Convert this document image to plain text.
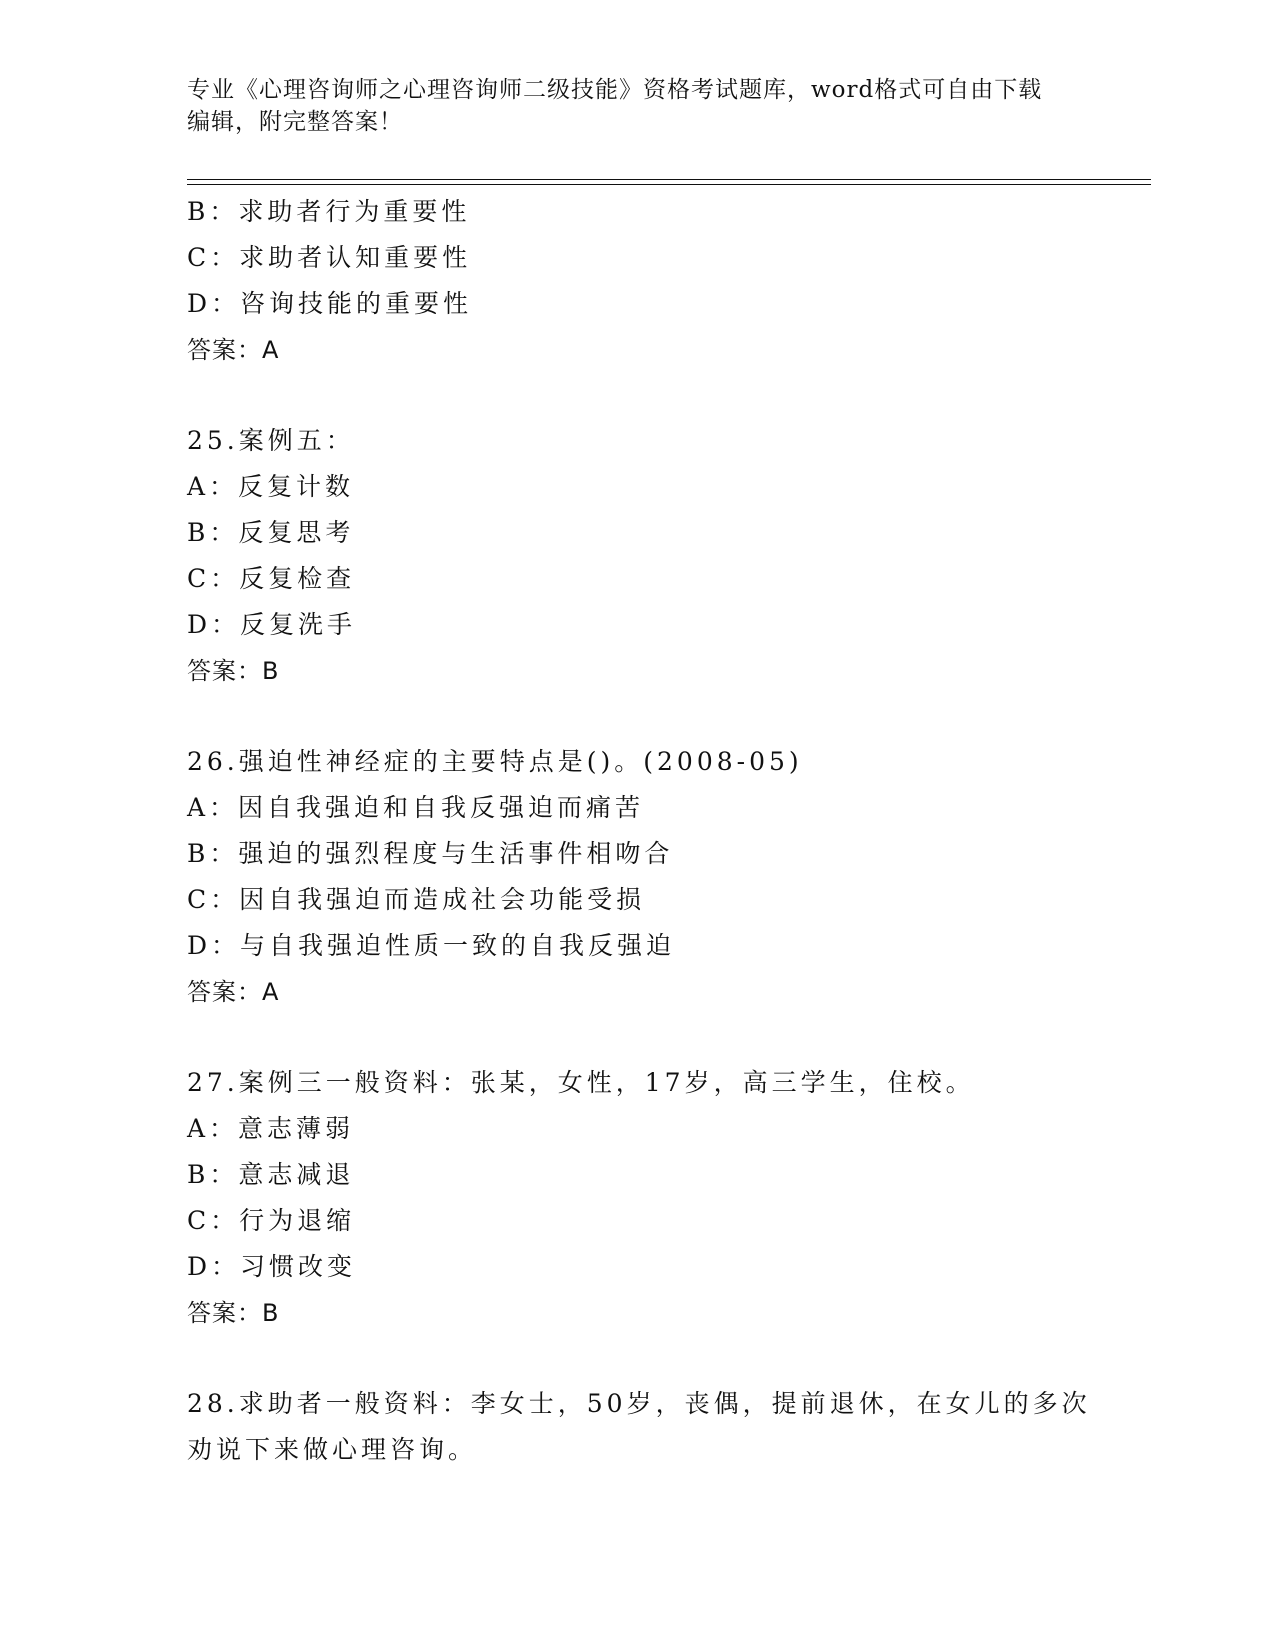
专业《心理咨询师之心理咨询师二级技能》资格考试题库，word格式可自由下载
编辑，附完整答案！
B：求助者行为重要性
C：求助者认知重要性
D：咨询技能的重要性
答案：A
25.案例五：
A：反复计数
B：反复思考
C：反复检查
D：反复洗手
答案：B
26.强迫性神经症的主要特点是()。(2008-05)
A：因自我强迫和自我反强迫而痛苦
B：强迫的强烈程度与生活事件相吻合
C：因自我强迫而造成社会功能受损
D：与自我强迫性质一致的自我反强迫
答案：A
27.案例三一般资料：张某，女性，17岁，高三学生，住校。
A：意志薄弱
B：意志减退
C：行为退缩
D：习惯改变
答案：B
28.求助者一般资料：李女士，50岁，丧偶，提前退休，在女儿的多次
劝说下来做心理咨询。
